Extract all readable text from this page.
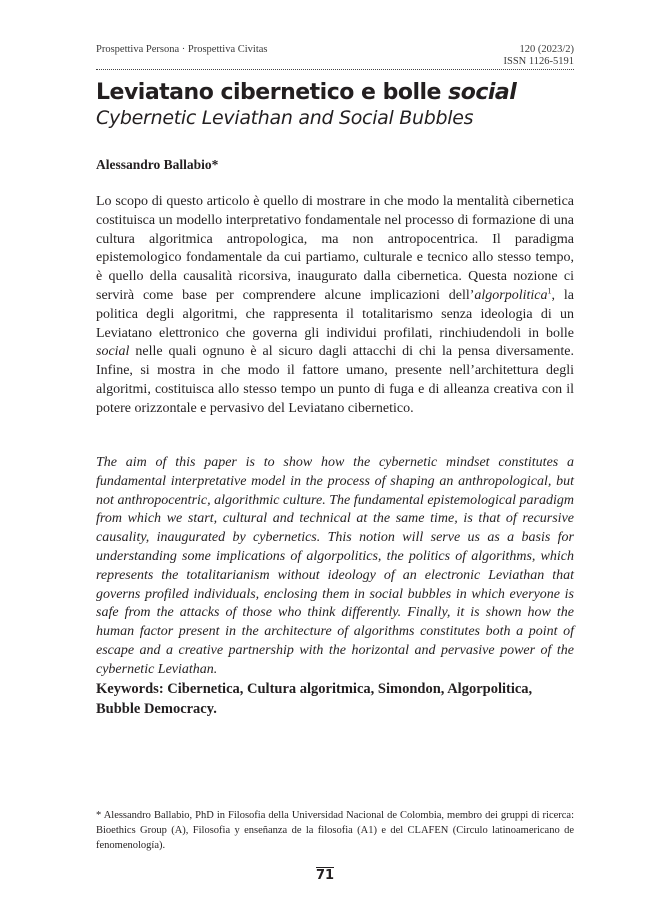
Prospettiva Persona · Prospettiva Civitas	120 (2023/2)
ISSN 1126-5191
Leviatano cibernetico e bolle social
Cybernetic Leviathan and Social Bubbles
Alessandro Ballabio*

Lo scopo di questo articolo è quello di mostrare in che modo la mentalità cibernetica costituisca un modello interpretativo fondamentale nel processo di formazione di una cultura algoritmica antropologica, ma non antropocentrica. Il paradigma epistemologico fondamentale da cui partiamo, culturale e tecnico allo stesso tempo, è quello della causalità ricorsiva, inaugurato dalla cibernetica. Questa nozione ci servirà come base per comprendere alcune implicazioni dell’algorpolitica$^1$, la politica degli algoritmi, che rappresenta il totalitarismo senza ideologia di un Leviatano elettronico che governa gli individui profilati, rinchiudendoli in bolle social nelle quali ognuno è al sicuro dagli attacchi di chi la pensa diversamente. Infine, si mostra in che modo il fattore umano, presente nell’architettura degli algoritmi, costituisca allo stesso tempo un punto di fuga e di alleanza creativa con il potere orizzontale e pervasivo del Leviatano cibernetico.

The aim of this paper is to show how the cybernetic mindset constitutes a fundamental interpretative model in the process of shaping an anthropological, but not anthropocentric, algorithmic culture. The fundamental epistemological paradigm from which we start, cultural and technical at the same time, is that of recursive causality, inaugurated by cybernetics. This notion will serve us as a basis for understanding some implications of algorpolitics, the politics of algorithms, which represents the totalitarianism without ideology of an electronic Leviathan that governs profiled individuals, enclosing them in social bubbles in which everyone is safe from the attacks of those who think differently. Finally, it is shown how the human factor present in the architecture of algorithms constitutes both a point of escape and a creative partnership with the horizontal and pervasive power of the cybernetic Leviathan.

Keywords: Cibernetica, Cultura algoritmica, Simondon, Algorpolitica, Bubble Democracy.

* Alessandro Ballabio, PhD in Filosofia della Universidad Nacional de Colombia, membro dei gruppi di ricerca: Bioethics Group (A), Filosofia y enseñanza de la filosofia (A1) e del CLAFEN (Circulo latinoamericano de fenomenología).

71
